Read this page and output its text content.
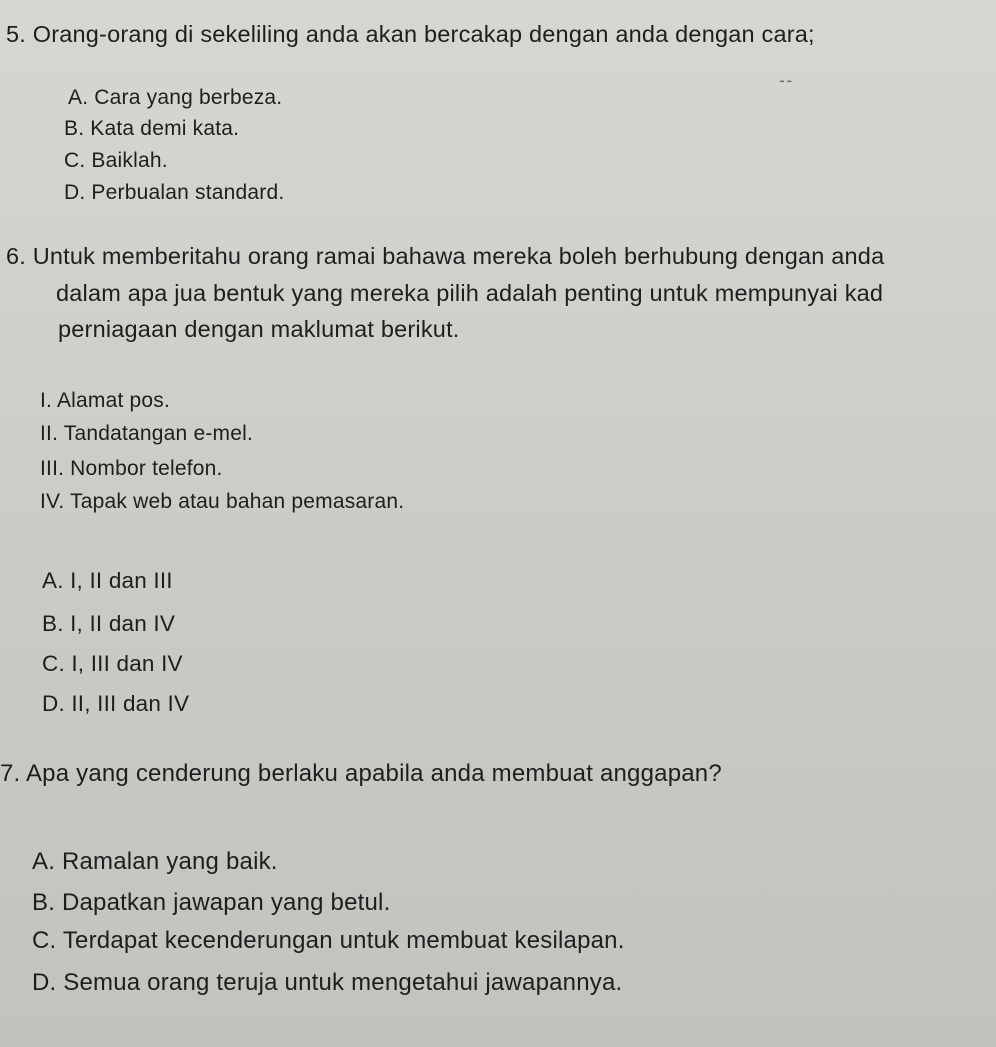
˜ ˜
5. Orang-orang di sekeliling anda akan bercakap dengan anda dengan cara;
A. Cara yang berbeza.
B. Kata demi kata.
C. Baiklah.
D. Perbualan standard.
6. Untuk memberitahu orang ramai bahawa mereka boleh berhubung dengan anda
dalam apa jua bentuk yang mereka pilih adalah penting untuk mempunyai kad
perniagaan dengan maklumat berikut.
I. Alamat pos.
II. Tandatangan e-mel.
III. Nombor telefon.
IV. Tapak web atau bahan pemasaran.
A. I, II dan III
B. I, II dan IV
C. I, III dan IV
D. II, III dan IV
7. Apa yang cenderung berlaku apabila anda membuat anggapan?
A. Ramalan yang baik.
B. Dapatkan jawapan yang betul.
C. Terdapat kecenderungan untuk membuat kesilapan.
D. Semua orang teruja untuk mengetahui jawapannya.
